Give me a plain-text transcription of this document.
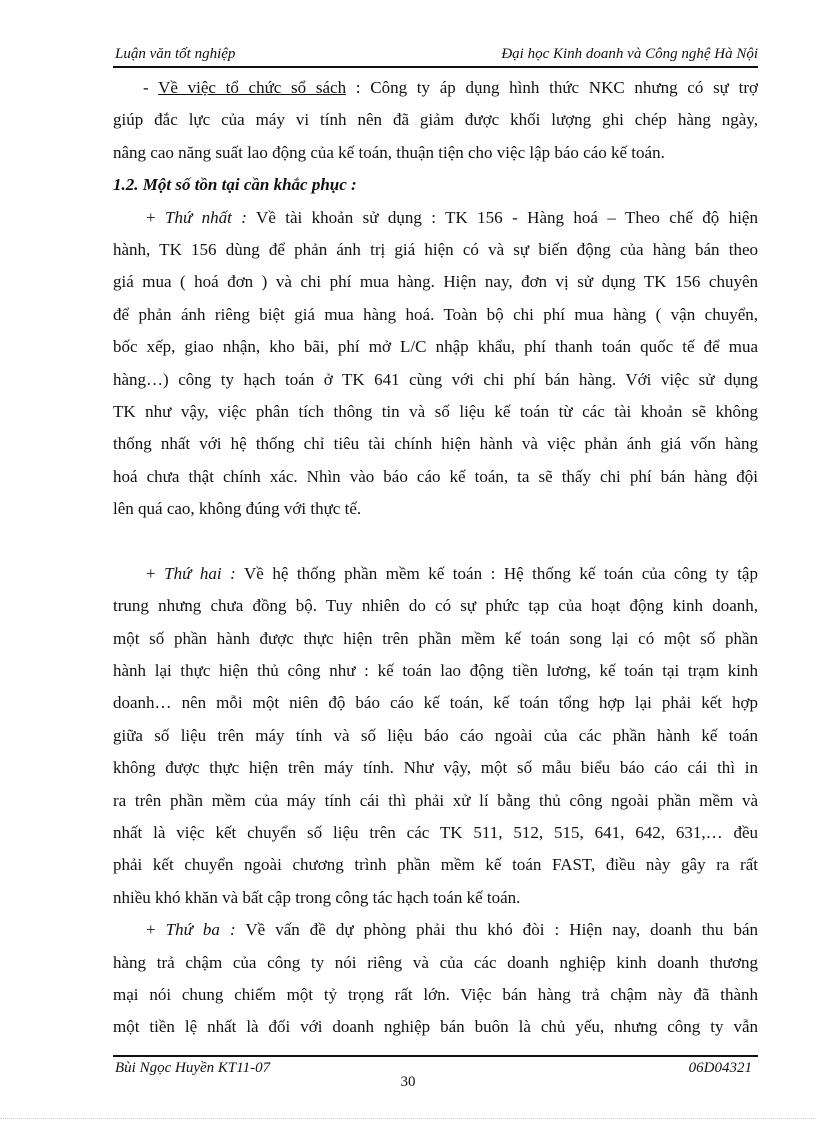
Luận văn tốt nghiệp	Đại học Kinh doanh và Công nghệ Hà Nội
- Về việc tổ chức sổ sách : Công ty áp dụng hình thức NKC nhưng có sự trợ
giúp đắc lực của máy vi tính nên đã giảm được khối lượng ghi chép hàng ngày,
nâng cao năng suất lao động của kế toán, thuận tiện cho việc lập báo cáo kế toán.
1.2. Một số tồn tại cần khắc phục :
+ Thứ nhất : Về tài khoản sử dụng : TK 156 - Hàng hoá – Theo chế độ hiện
hành, TK 156 dùng để phản ánh trị giá hiện có và sự biến động của hàng bán theo
giá mua ( hoá đơn ) và chi phí mua hàng. Hiện nay, đơn vị sử dụng TK 156 chuyên
để phản ánh riêng biệt giá mua hàng hoá. Toàn bộ chi phí mua hàng ( vận chuyển,
bốc xếp, giao nhận, kho bãi, phí mở L/C nhập khẩu, phí thanh toán quốc tế để mua
hàng…) công ty hạch toán ở TK 641 cùng với chi phí bán hàng. Với việc sử dụng
TK như vậy, việc phân tích thông tin và số liệu kế toán từ các tài khoản sẽ không
thống nhất với hệ thống chỉ tiêu tài chính hiện hành và việc phản ánh giá vốn hàng
hoá chưa thật chính xác. Nhìn vào báo cáo kế toán, ta sẽ thấy chi phí bán hàng đội
lên quá cao, không đúng với thực tế.
+ Thứ hai : Về hệ thống phần mềm kế toán : Hệ thống kế toán của công ty tập
trung nhưng chưa đồng bộ. Tuy nhiên do có sự phức tạp của hoạt động kinh doanh,
một số phần hành được thực hiện trên phần mềm kế toán song lại có một số phần
hành lại thực hiện thủ công như : kế toán lao động tiền lương, kế toán tại trạm kinh
doanh… nên mỗi một niên độ báo cáo kế toán, kế toán tổng hợp lại phải kết hợp
giữa số liệu trên máy tính và số liệu báo cáo ngoài của các phần hành kế toán
không được thực hiện trên máy tính. Như vậy, một số mẫu biểu báo cáo cái thì in
ra trên phần mềm của máy tính cái thì phải xử lí bằng thủ công ngoài phần mềm và
nhất là việc kết chuyển số liệu trên các TK 511, 512, 515, 641, 642, 631,… đều
phải kết chuyển ngoài chương trình phần mềm kế toán FAST, điều này gây ra rất
nhiều khó khăn và bất cập trong công tác hạch toán kế toán.
+ Thứ ba : Về vấn đề dự phòng phải thu khó đòi : Hiện nay, doanh thu bán
hàng trả chậm của công ty nói riêng và của các doanh nghiệp kinh doanh thương
mại nói chung chiếm một tỷ trọng rất lớn. Việc bán hàng trả chậm này đã thành
một tiền lệ nhất là đối với doanh nghiệp bán buôn là chủ yếu, nhưng công ty vẫn
Bùi Ngọc Huyền KT11-07	06D04321
30
